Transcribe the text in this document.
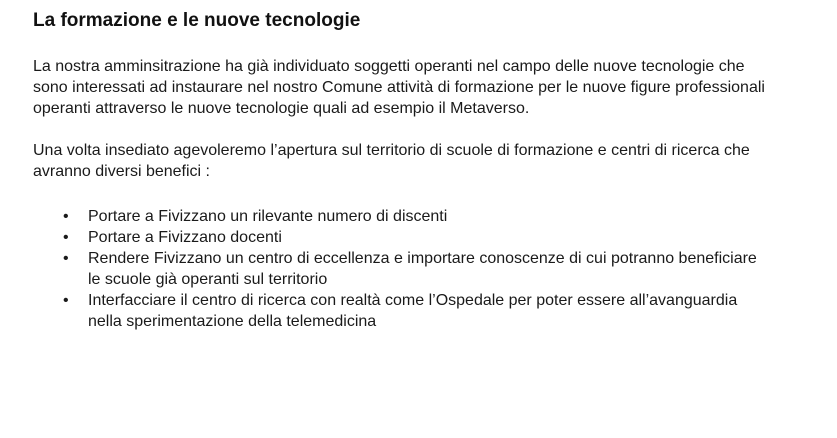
La formazione e le nuove tecnologie

La nostra amminsitrazione ha già individuato soggetti operanti nel campo delle nuove tecnologie che sono interessati ad instaurare nel nostro Comune attività di formazione per le nuove figure professionali operanti attraverso le nuove tecnologie quali ad esempio il Metaverso.

Una volta insediato agevoleremo l’apertura sul territorio di scuole di formazione e centri di ricerca che avranno diversi benefici :

• Portare a Fivizzano un rilevante numero di discenti
• Portare a Fivizzano docenti
• Rendere Fivizzano un centro di eccellenza e importare conoscenze di cui potranno beneficiare le scuole già operanti sul territorio
• Interfacciare il centro di ricerca con realtà come l’Ospedale per poter essere all’avanguardia nella sperimentazione della telemedicina
